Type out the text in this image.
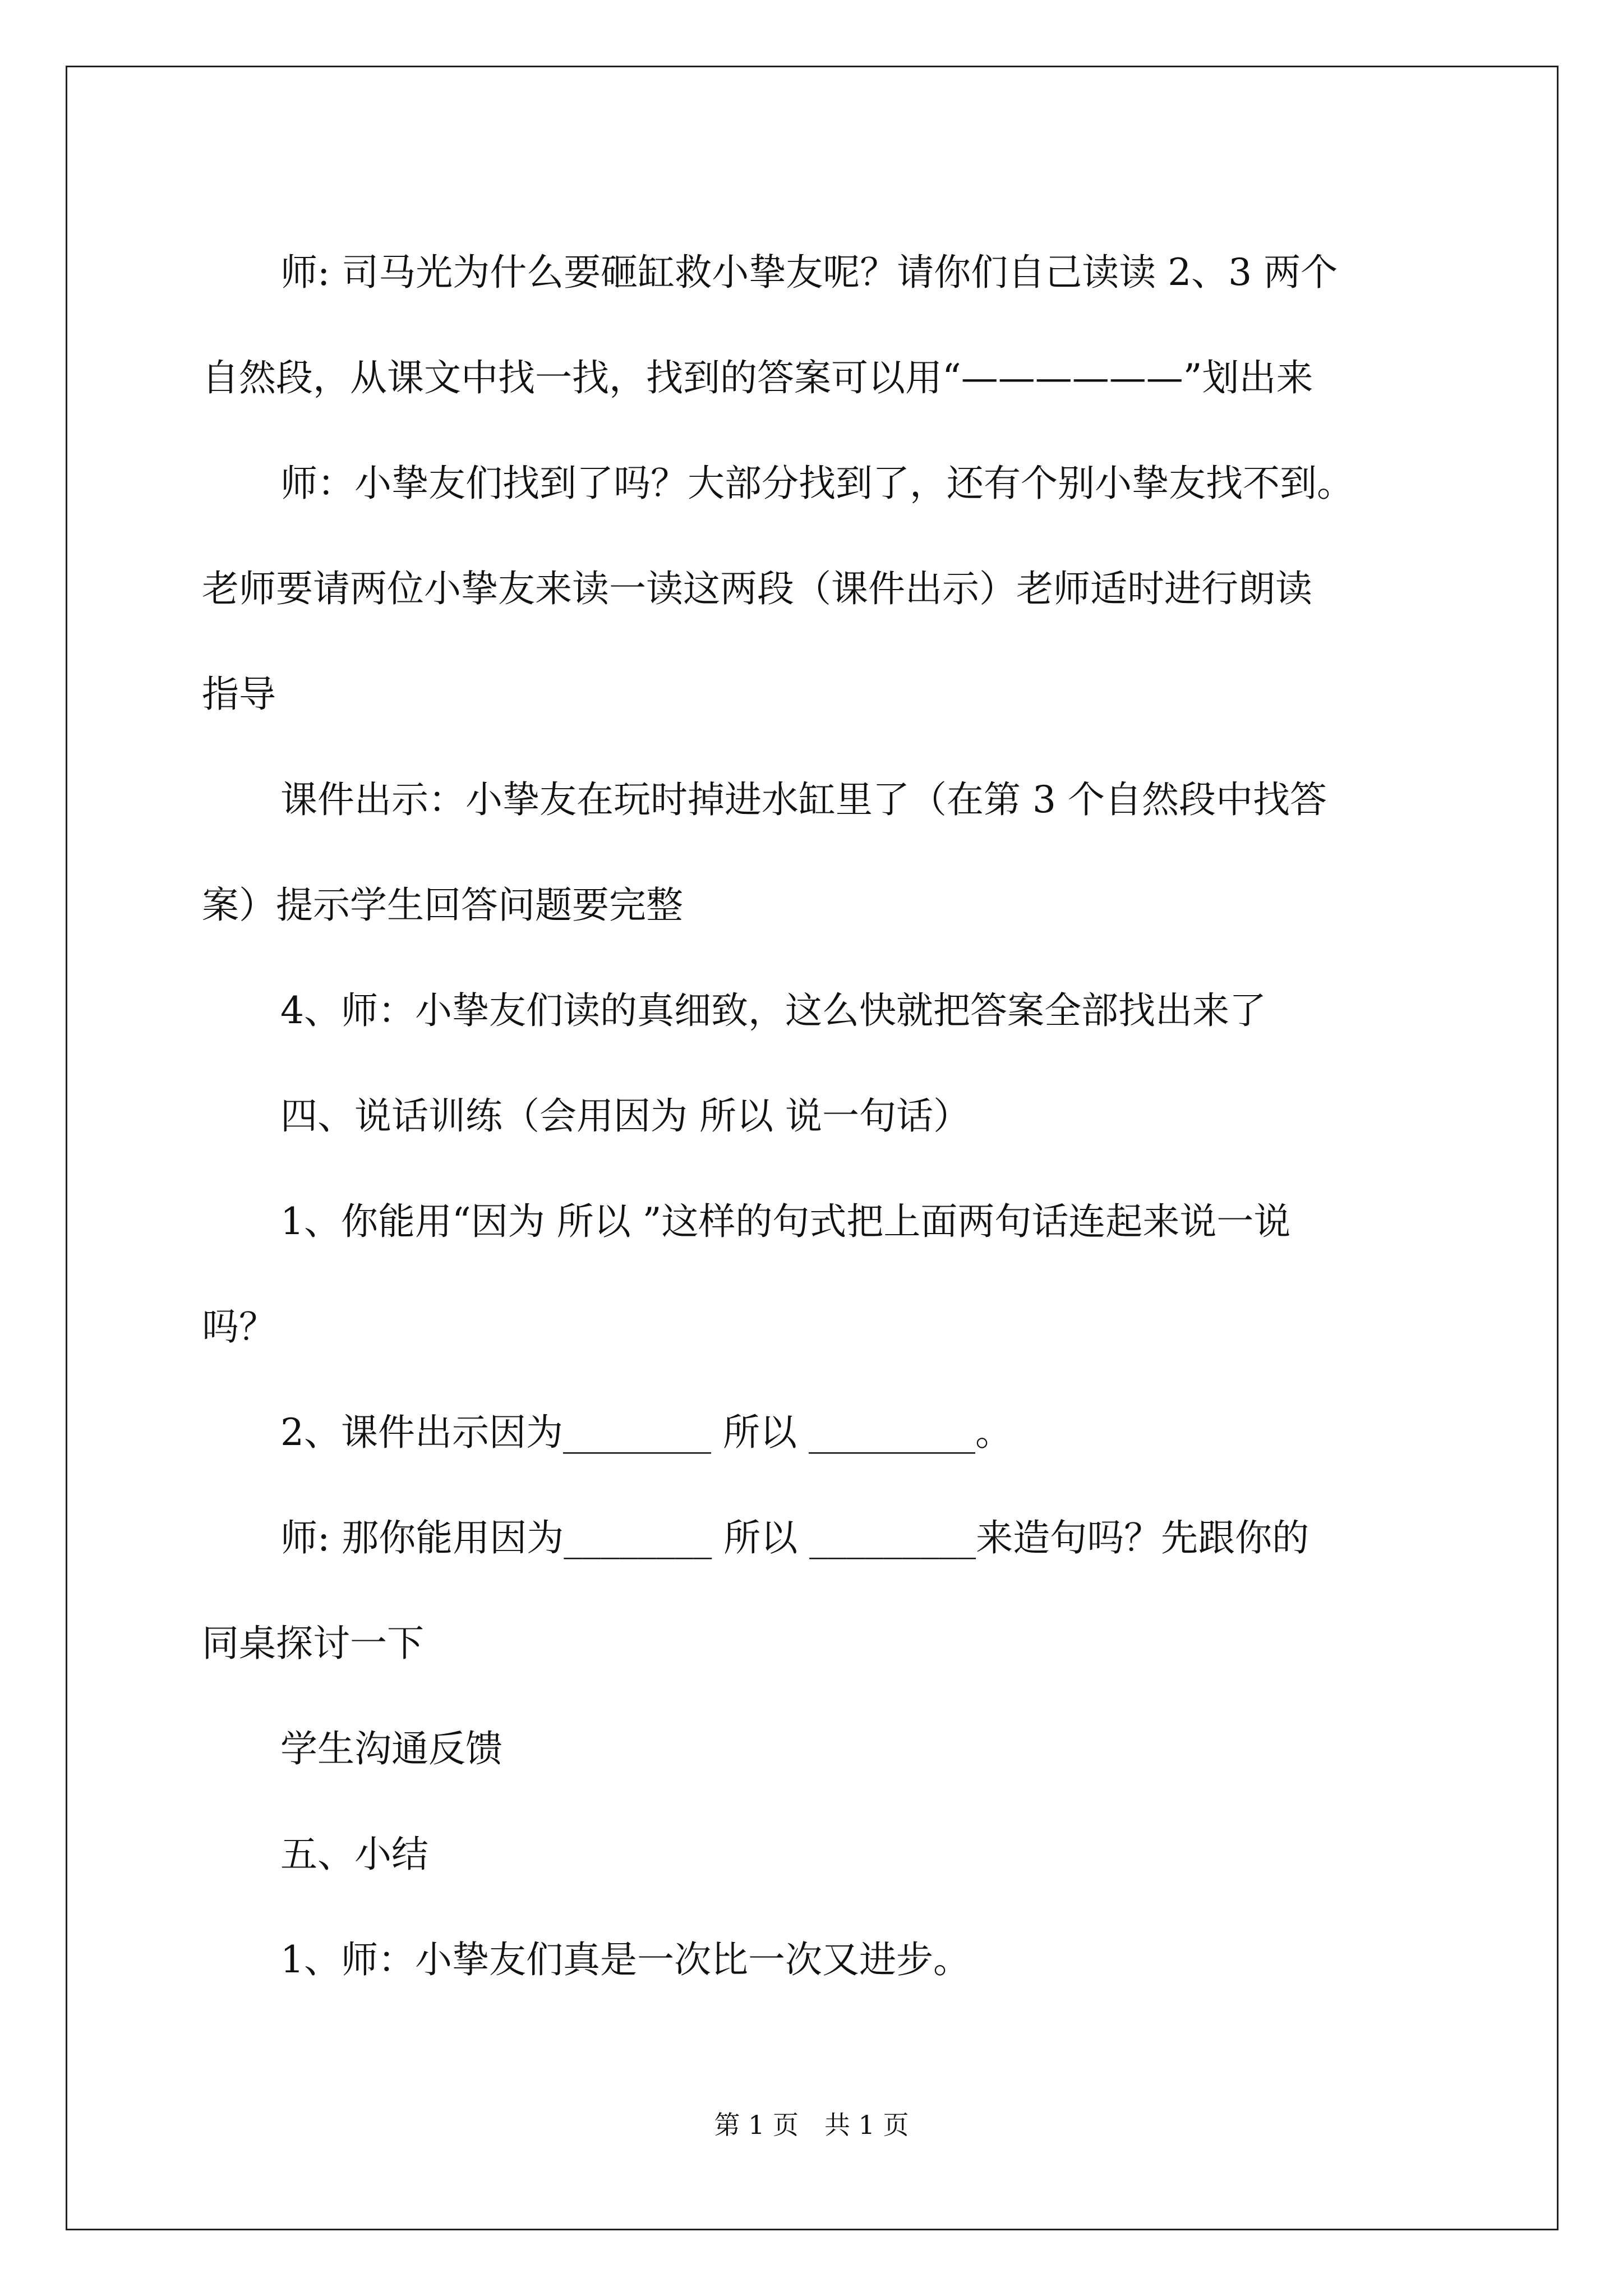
师: 司马光为什么要砸缸救小挚友呢？请你们自己读读 2、3 两个

自然段，从课文中找一找，找到的答案可以用“——————”划出来

师：小挚友们找到了吗？大部分找到了，还有个别小挚友找不到。

老师要请两位小挚友来读一读这两段（课件出示）老师适时进行朗读

指导

课件出示：小挚友在玩时掉进水缸里了（在第 3 个自然段中找答

案）提示学生回答问题要完整

4、师：小挚友们读的真细致，这么快就把答案全部找出来了

四、说话训练（会用因为 所以 说一句话）

1、你能用“因为 所以 ”这样的句式把上面两句话连起来说一说

吗？

2、课件出示因为________ 所以 _________。

师: 那你能用因为________ 所以 _________来造句吗？先跟你的

同桌探讨一下

学生沟通反馈

五、小结

1、师：小挚友们真是一次比一次又进步。

第 1 页　共 1 页
